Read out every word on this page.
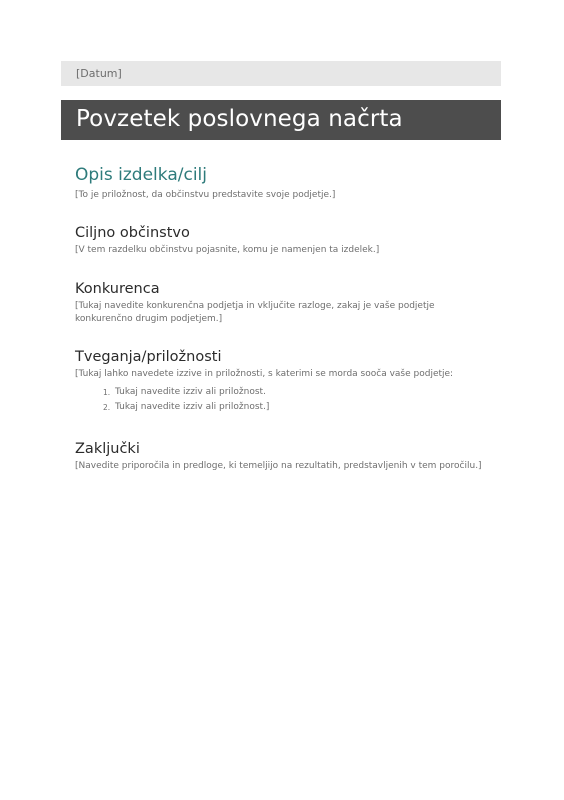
[Datum]
Povzetek poslovnega načrta
Opis izdelka/cilj
[To je priložnost, da občinstvu predstavite svoje podjetje.]
Ciljno občinstvo
[V tem razdelku občinstvu pojasnite, komu je namenjen ta izdelek.]
Konkurenca
[Tukaj navedite konkurenčna podjetja in vključite razloge, zakaj je vaše podjetje konkurenčno drugim podjetjem.]
Tveganja/priložnosti
[Tukaj lahko navedete izzive in priložnosti, s katerimi se morda sooča vaše podjetje:
1. Tukaj navedite izziv ali priložnost.
2. Tukaj navedite izziv ali priložnost.]
Zaključki
[Navedite priporočila in predloge, ki temeljijo na rezultatih, predstavljenih v tem poročilu.]
